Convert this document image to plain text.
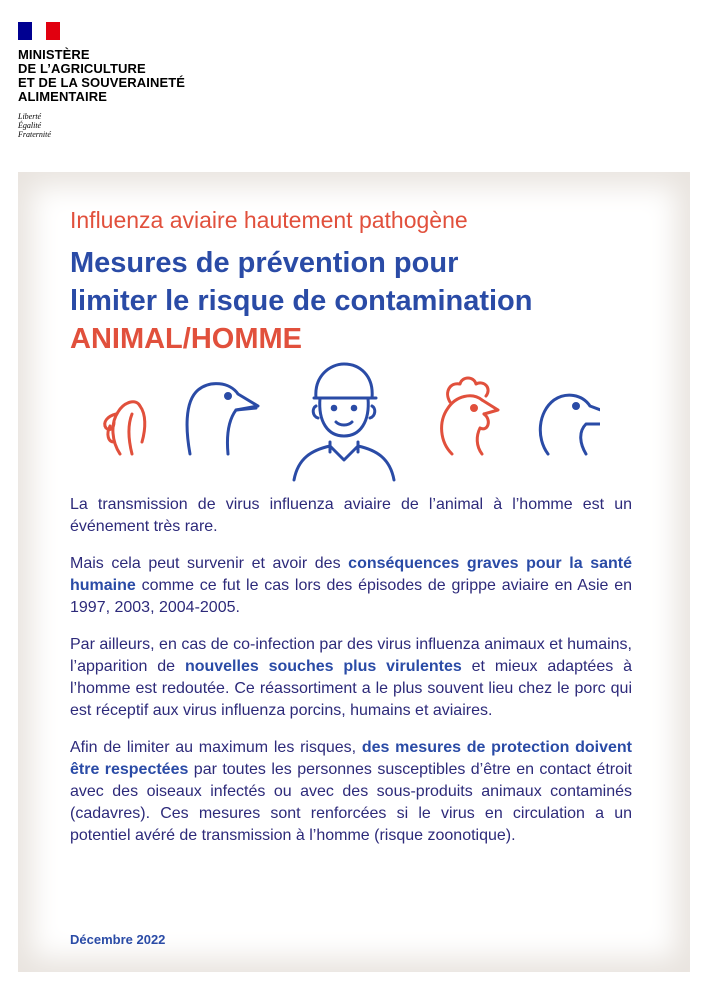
MINISTÈRE
DE L’AGRICULTURE
ET DE LA SOUVERAINETÉ
ALIMENTAIRE
Liberté
Égalité
Fraternité
Influenza aviaire hautement pathogène
Mesures de prévention pour
limiter le risque de contamination
ANIMAL/HOMME

La transmission de virus influenza aviaire de l’animal à l’homme est un événement très rare.

Mais cela peut survenir et avoir des conséquences graves pour la santé humaine comme ce fut le cas lors des épisodes de grippe aviaire en Asie en 1997, 2003, 2004-2005.

Par ailleurs, en cas de co-infection par des virus influenza animaux et humains, l’apparition de nouvelles souches plus virulentes et mieux adaptées à l’homme est redoutée. Ce réassortiment a le plus souvent lieu chez le porc qui est réceptif aux virus influenza porcins, humains et aviaires.

Afin de limiter au maximum les risques, des mesures de protection doivent être respectées par toutes les personnes susceptibles d’être en contact étroit avec des oiseaux infectés ou avec des sous-produits animaux contaminés (cadavres). Ces mesures sont renforcées si le virus en circulation a un potentiel avéré de transmission à l’homme (risque zoonotique).

Décembre 2022
